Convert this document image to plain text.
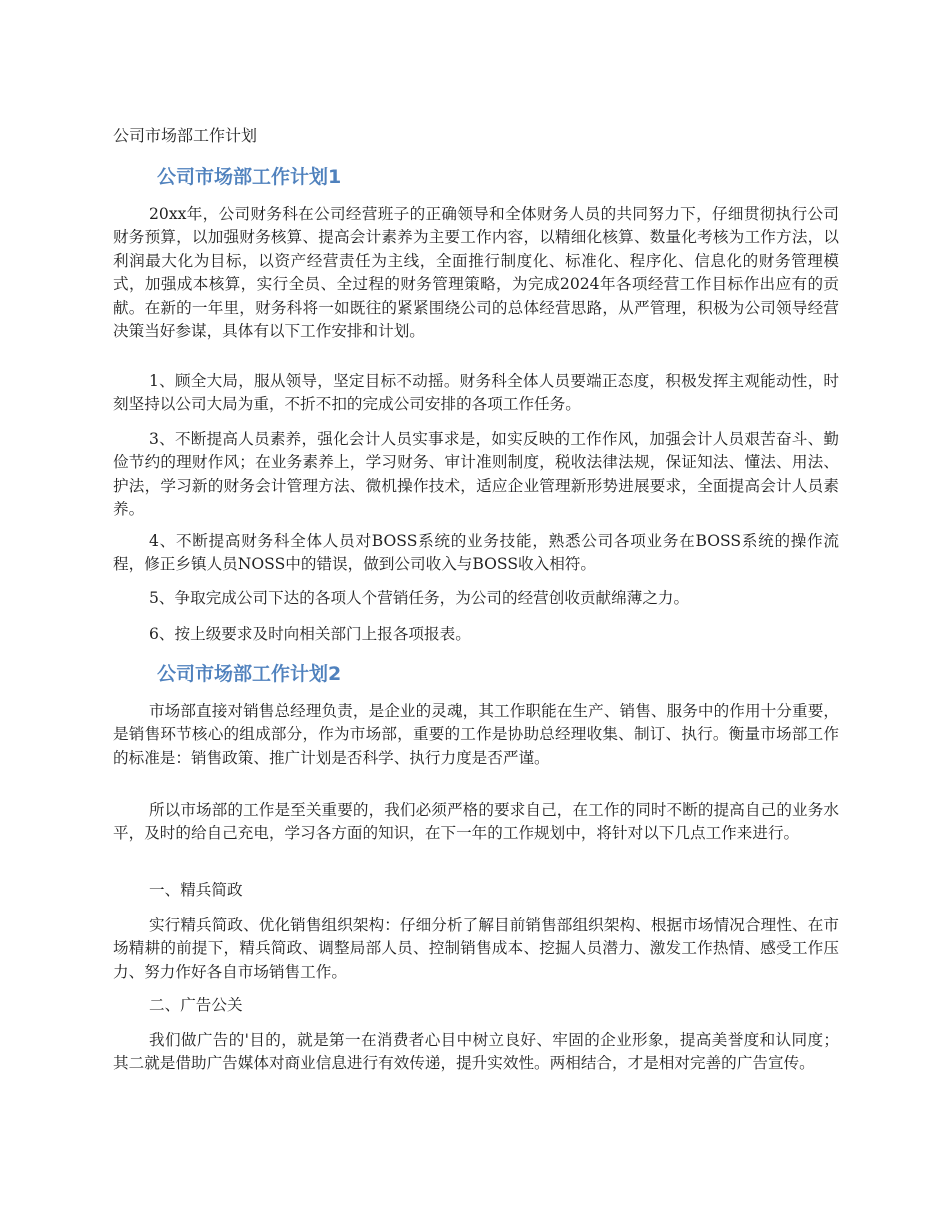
公司市场部工作计划

公司市场部工作计划1

20xx年，公司财务科在公司经营班子的正确领导和全体财务人员的共同努力下，仔细贯彻执行公司财务预算，以加强财务核算、提高会计素养为主要工作内容，以精细化核算、数量化考核为工作方法，以利润最大化为目标，以资产经营责任为主线，全面推行制度化、标准化、程序化、信息化的财务管理模式，加强成本核算，实行全员、全过程的财务管理策略，为完成2024年各项经营工作目标作出应有的贡献。在新的一年里，财务科将一如既往的紧紧围绕公司的总体经营思路，从严管理，积极为公司领导经营决策当好参谋，具体有以下工作安排和计划。

1、顾全大局，服从领导，坚定目标不动摇。财务科全体人员要端正态度，积极发挥主观能动性，时刻坚持以公司大局为重，不折不扣的完成公司安排的各项工作任务。

3、不断提高人员素养，强化会计人员实事求是，如实反映的工作作风，加强会计人员艰苦奋斗、勤俭节约的理财作风；在业务素养上，学习财务、审计准则制度，税收法律法规，保证知法、懂法、用法、护法，学习新的财务会计管理方法、微机操作技术，适应企业管理新形势进展要求，全面提高会计人员素养。

4、不断提高财务科全体人员对BOSS系统的业务技能，熟悉公司各项业务在BOSS系统的操作流程，修正乡镇人员NOSS中的错误，做到公司收入与BOSS收入相符。

5、争取完成公司下达的各项人个营销任务，为公司的经营创收贡献绵薄之力。

6、按上级要求及时向相关部门上报各项报表。

公司市场部工作计划2

市场部直接对销售总经理负责，是企业的灵魂，其工作职能在生产、销售、服务中的作用十分重要，是销售环节核心的组成部分，作为市场部，重要的工作是协助总经理收集、制订、执行。衡量市场部工作的标准是：销售政策、推广计划是否科学、执行力度是否严谨。

所以市场部的工作是至关重要的，我们必须严格的要求自己，在工作的同时不断的提高自己的业务水平，及时的给自己充电，学习各方面的知识，在下一年的工作规划中，将针对以下几点工作来进行。

一、精兵简政

实行精兵简政、优化销售组织架构：仔细分析了解目前销售部组织架构、根据市场情况合理性、在市场精耕的前提下，精兵简政、调整局部人员、控制销售成本、挖掘人员潜力、激发工作热情、感受工作压力、努力作好各自市场销售工作。

二、广告公关

我们做广告的'目的，就是第一在消费者心目中树立良好、牢固的企业形象，提高美誉度和认同度；其二就是借助广告媒体对商业信息进行有效传递，提升实效性。两相结合，才是相对完善的广告宣传。
